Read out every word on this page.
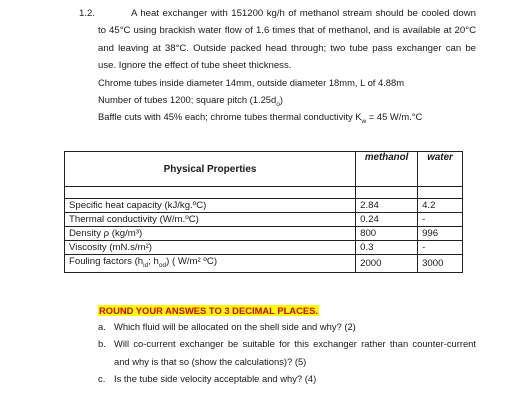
1.2.	A heat exchanger with 151200 kg/h of methanol stream should be cooled down to 45°C using brackish water flow of 1.6 times that of methanol, and is available at 20°C and leaving at 38°C. Outside packed head through; two tube pass exchanger can be use. Ignore the effect of tube sheet thickness.
Chrome tubes inside diameter 14mm, outside diameter 18mm, L of 4.88m
Number of tubes 1200; square pitch $(1.25d_o)$
Baffle cuts with 45% each; chrome tubes thermal conductivity $K_w = 45$ W/m.°C
Physical Properties	methanol	water

Specific heat capacity (kJ/kg.ºC)	2.84	4.2
Thermal conductivity (W/m.ºC)	0.24	-
Density ρ (kg/m³)	800	996
Viscosity (mN.s/m²)	0.3	-
Fouling factors ($h_{id}$; $h_{od}$) ( W/m² ºC)	2000	3000
ROUND YOUR ANSWES TO 3 DECIMAL PLACES.
a. Which fluid will be allocated on the shell side and why? (2)
b. Will co-current exchanger be suitable for this exchanger rather than counter-current and why is that so (show the calculations)? (5)
c. Is the tube side velocity acceptable and why? (4)
